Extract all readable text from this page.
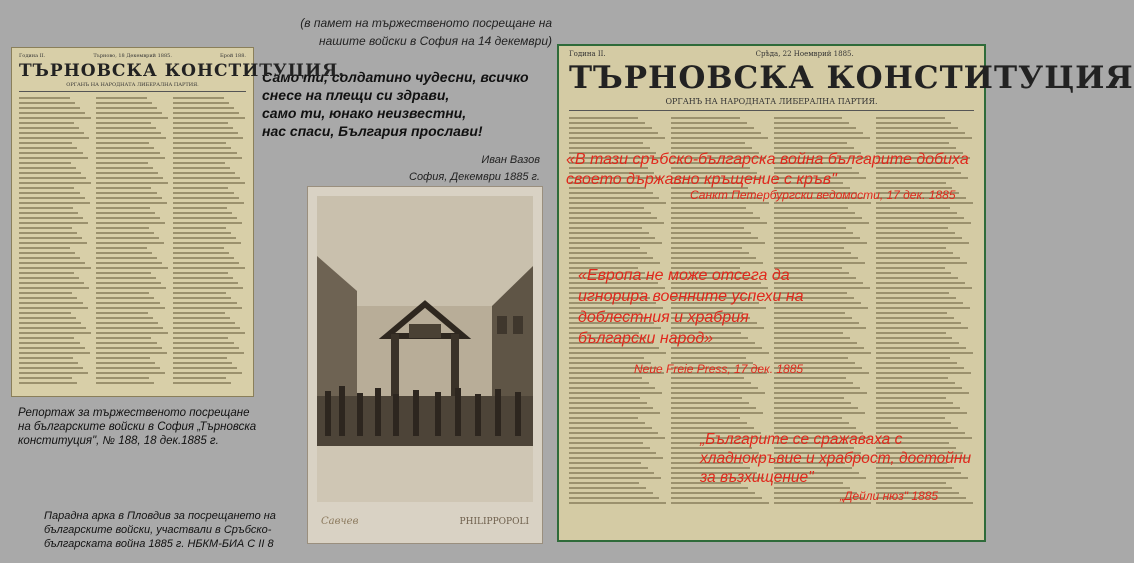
(в памет на тържественото посрещане на
нашите войски в София на 14 декември)
Само ти, солдатино чудесни, всичко
снесе на плещи си здрави,
само ти, юнако неизвестни,
нас спаси, България прослави!
Иван Вазов
София, Декември 1885 г.
Година II.	Търново, 18 Декемврий 1885.	Брой 188.
ТЪРНОВСКА КОНСТИТУЦИЯ.
ОРГАНЪ НА НАРОДНАТА ЛИБЕРАЛНА ПАРТИЯ.
Репортаж за тържественото посрещане на българските войски в София „Търновска конституция", № 188, 18 дек.1885 г.
Савчев	PHILIPPOPOLI
Парадна арка в Пловдив за посрещането на българските войски, участвали в Сръбско-българската война 1885 г. НБКМ-БИА С II 8
Година II.	Срѣда, 22 Ноемврий 1885.
ТЪРНОВСКА КОНСТИТУЦИЯ
ОРГАНЪ НА НАРОДНАТА ЛИБЕРАЛНА ПАРТИЯ.
«В тази сръбско-българска война българите добиха своето държавно кръщение с кръв"
Санкт Петербургски ведомости, 17 дек. 1885
«Европа не може отсега да игнорира военните успехи на доблестния и храбрия български народ»
Neue Freie Press, 17 дек. 1885
„Българите се сражаваха с хладнокръвие и храброст, достойни за възхищение"
„Дейли нюз" 1885
